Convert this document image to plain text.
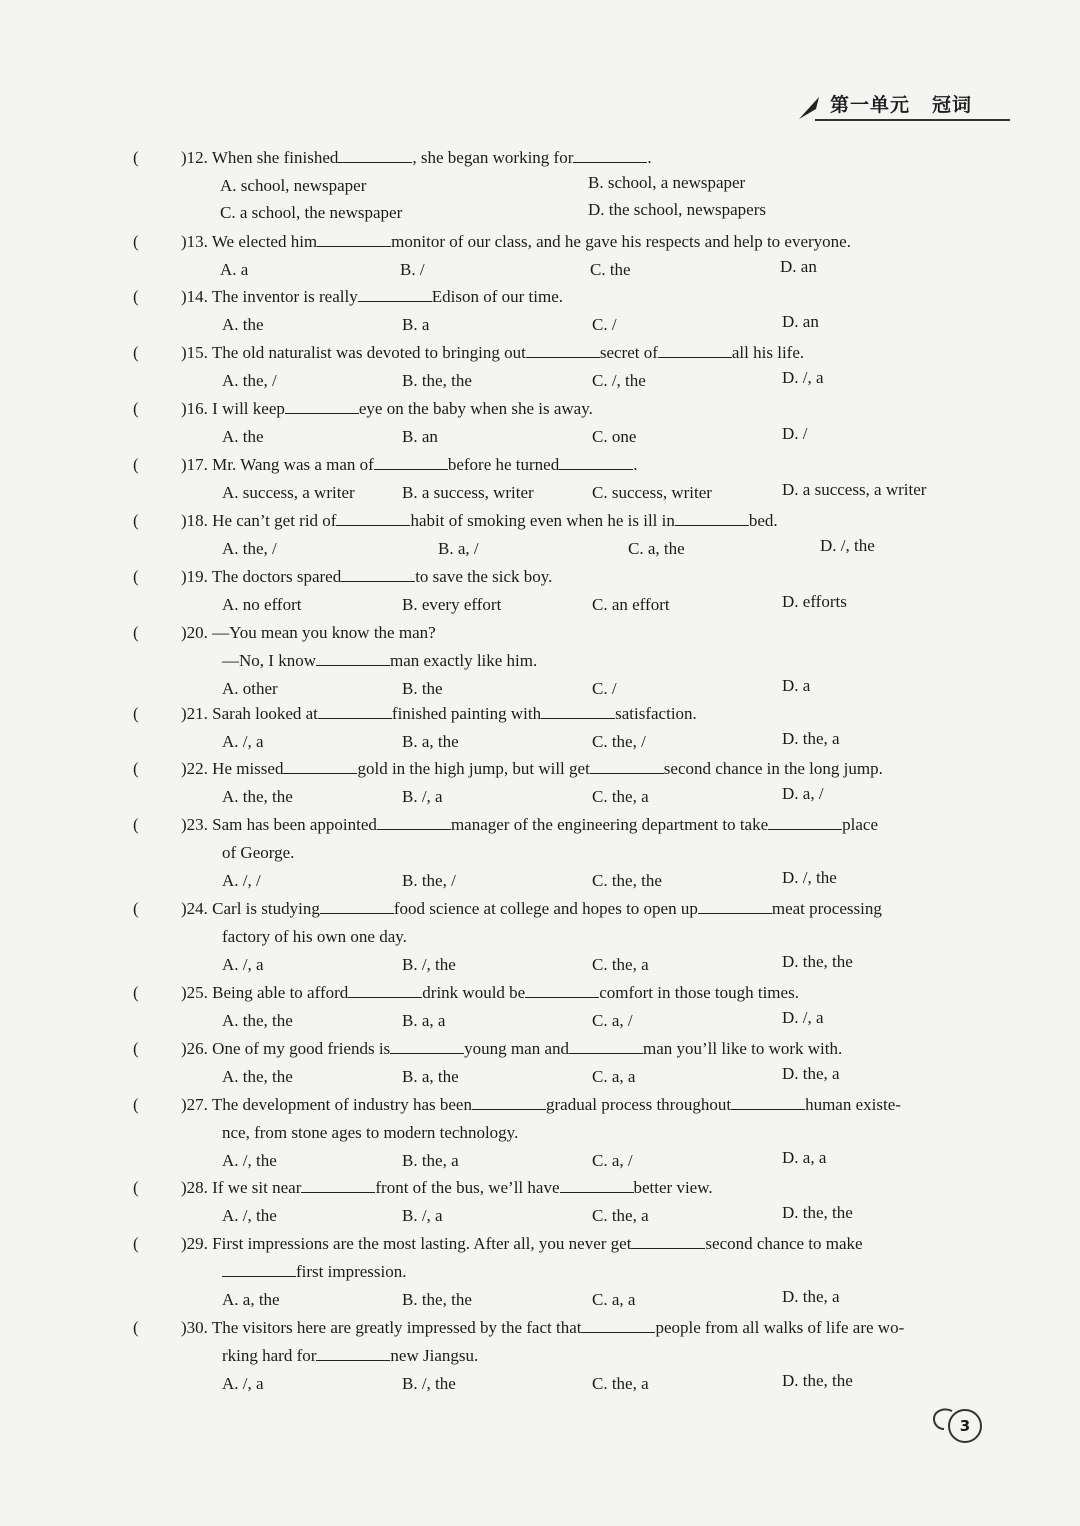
第一单元 冠词
( )12. When she finished	, she began working for	.
A. school, newspaper	B. school, a newspaper
C. a school, the newspaper	D. the school, newspapers
( )13. We elected him	monitor of our class, and he gave his respects and help to everyone.
A. a	B. /	C. the	D. an
( )14. The inventor is really	Edison of our time.
A. the	B. a	C. /	D. an
( )15. The old naturalist was devoted to bringing out	secret of	all his life.
A. the, /	B. the, the	C. /, the	D. /, a
( )16. I will keep	eye on the baby when she is away.
A. the	B. an	C. one	D. /
( )17. Mr. Wang was a man of	before he turned	.
A. success, a writer	B. a success, writer	C. success, writer	D. a success, a writer
( )18. He can’t get rid of	habit of smoking even when he is ill in	bed.
A. the, /	B. a, /	C. a, the	D. /, the
( )19. The doctors spared	to save the sick boy.
A. no effort	B. every effort	C. an effort	D. efforts
( )20. —You mean you know the man?
—No, I know	man exactly like him.
A. other	B. the	C. /	D. a
( )21. Sarah looked at	finished painting with	satisfaction.
A. /, a	B. a, the	C. the, /	D. the, a
( )22. He missed	gold in the high jump, but will get	second chance in the long jump.
A. the, the	B. /, a	C. the, a	D. a, /
( )23. Sam has been appointed	manager of the engineering department to take	place
of George.
A. /, /	B. the, /	C. the, the	D. /, the
( )24. Carl is studying	food science at college and hopes to open up	meat processing
factory of his own one day.
A. /, a	B. /, the	C. the, a	D. the, the
( )25. Being able to afford	drink would be	comfort in those tough times.
A. the, the	B. a, a	C. a, /	D. /, a
( )26. One of my good friends is	young man and	man you’ll like to work with.
A. the, the	B. a, the	C. a, a	D. the, a
( )27. The development of industry has been	gradual process throughout	human existe-
nce, from stone ages to modern technology.
A. /, the	B. the, a	C. a, /	D. a, a
( )28. If we sit near	front of the bus, we’ll have	better view.
A. /, the	B. /, a	C. the, a	D. the, the
( )29. First impressions are the most lasting. After all, you never get	second chance to make
first impression.
A. a, the	B. the, the	C. a, a	D. the, a
( )30. The visitors here are greatly impressed by the fact that	people from all walks of life are wo-
rking hard for	new Jiangsu.
A. /, a	B. /, the	C. the, a	D. the, the
3
